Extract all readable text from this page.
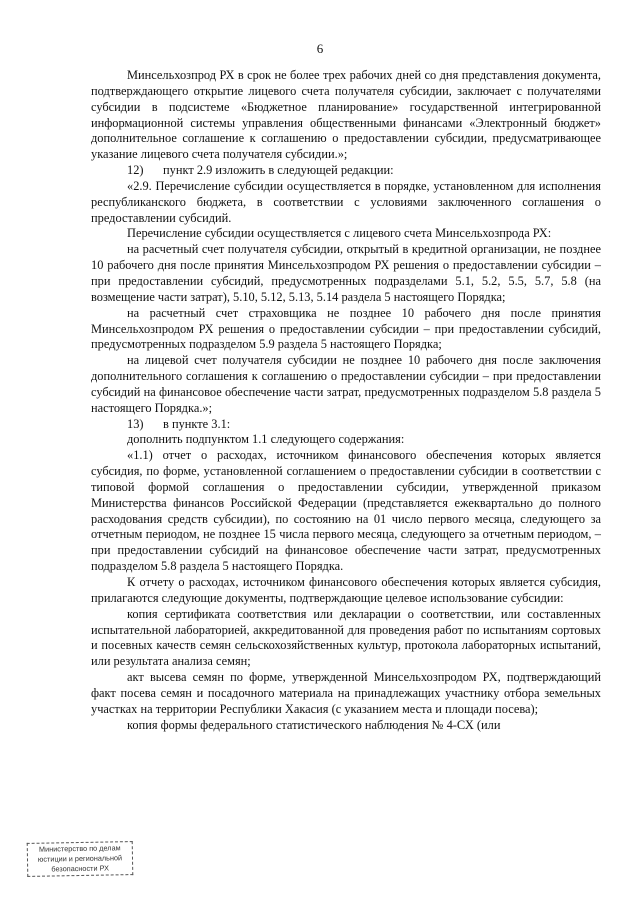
6

Минсельхозпрод РХ в срок не более трех рабочих дней со дня представления документа, подтверждающего открытие лицевого счета получателя субсидии, заключает с получателями субсидии в подсистеме «Бюджетное планирование» государственной интегрированной информационной системы управления общественными финансами «Электронный бюджет» дополнительное соглашение к соглашению о предоставлении субсидии, предусматривающее указание лицевого счета получателя субсидии.»;

12) пункт 2.9 изложить в следующей редакции:

«2.9. Перечисление субсидии осуществляется в порядке, установленном для исполнения республиканского бюджета, в соответствии с условиями заключенного соглашения о предоставлении субсидий.

Перечисление субсидии осуществляется с лицевого счета Минсельхозпрода РХ:

на расчетный счет получателя субсидии, открытый в кредитной организации, не позднее 10 рабочего дня после принятия Минсельхозпродом РХ решения о предоставлении субсидии – при предоставлении субсидий, предусмотренных подразделами 5.1, 5.2, 5.5, 5.7, 5.8 (на возмещение части затрат), 5.10, 5.12, 5.13, 5.14 раздела 5 настоящего Порядка;

на расчетный счет страховщика не позднее 10 рабочего дня после принятия Минсельхозпродом РХ решения о предоставлении субсидии – при предоставлении субсидий, предусмотренных подразделом 5.9 раздела 5 настоящего Порядка;

на лицевой счет получателя субсидии не позднее 10 рабочего дня после заключения дополнительного соглашения к соглашению о предоставлении субсидии – при предоставлении субсидий на финансовое обеспечение части затрат, предусмотренных подразделом 5.8 раздела 5 настоящего Порядка.»;

13) в пункте 3.1:

дополнить подпунктом 1.1 следующего содержания:

«1.1) отчет о расходах, источником финансового обеспечения которых является субсидия, по форме, установленной соглашением о предоставлении субсидии в соответствии с типовой формой соглашения о предоставлении субсидии, утвержденной приказом Министерства финансов Российской Федерации (представляется ежеквартально до полного расходования средств субсидии), по состоянию на 01 число первого месяца, следующего за отчетным периодом, не позднее 15 числа первого месяца, следующего за отчетным периодом, – при предоставлении субсидий на финансовое обеспечение части затрат, предусмотренных подразделом 5.8 раздела 5 настоящего Порядка.

К отчету о расходах, источником финансового обеспечения которых является субсидия, прилагаются следующие документы, подтверждающие целевое использование субсидии:

копия сертификата соответствия или декларации о соответствии, или составленных испытательной лабораторией, аккредитованной для проведения работ по испытаниям сортовых и посевных качеств семян сельскохозяйственных культур, протокола лабораторных испытаний, или результата анализа семян;

акт высева семян по форме, утвержденной Минсельхозпродом РХ, подтверждающий факт посева семян и посадочного материала на принадлежащих участнику отбора земельных участках на территории Республики Хакасия (с указанием места и площади посева);

копия формы федерального статистического наблюдения № 4-СХ (или

Министерство по делам
юстиции и региональной
безопасности РХ
